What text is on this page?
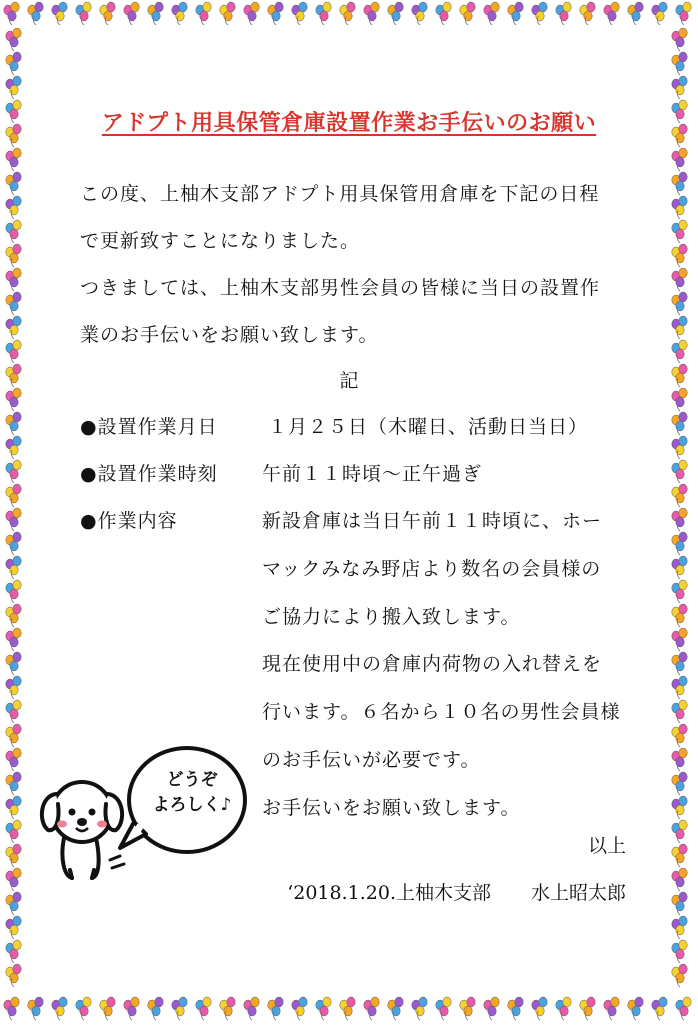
アドプト用具保管倉庫設置作業お手伝いのお願い
この度、上柚木支部アドプト用具保管用倉庫を下記の日程
で更新致すことになりました。
つきましては、上柚木支部男性会員の皆様に当日の設置作
業のお手伝いをお願い致します。
記
●設置作業月日	１月２５日（木曜日、活動日当日）
●設置作業時刻 午前１１時頃～正午過ぎ
●作業内容	新設倉庫は当日午前１１時頃に、ホー
マックみなみ野店より数名の会員様の
ご協力により搬入致します。
現在使用中の倉庫内荷物の入れ替えを
行います。６名から１０名の男性会員様
のお手伝いが必要です。
お手伝いをお願い致します。
以上
‘2018.1.20.上柚木支部 水上昭太郎
どうぞ
よろしく♪
